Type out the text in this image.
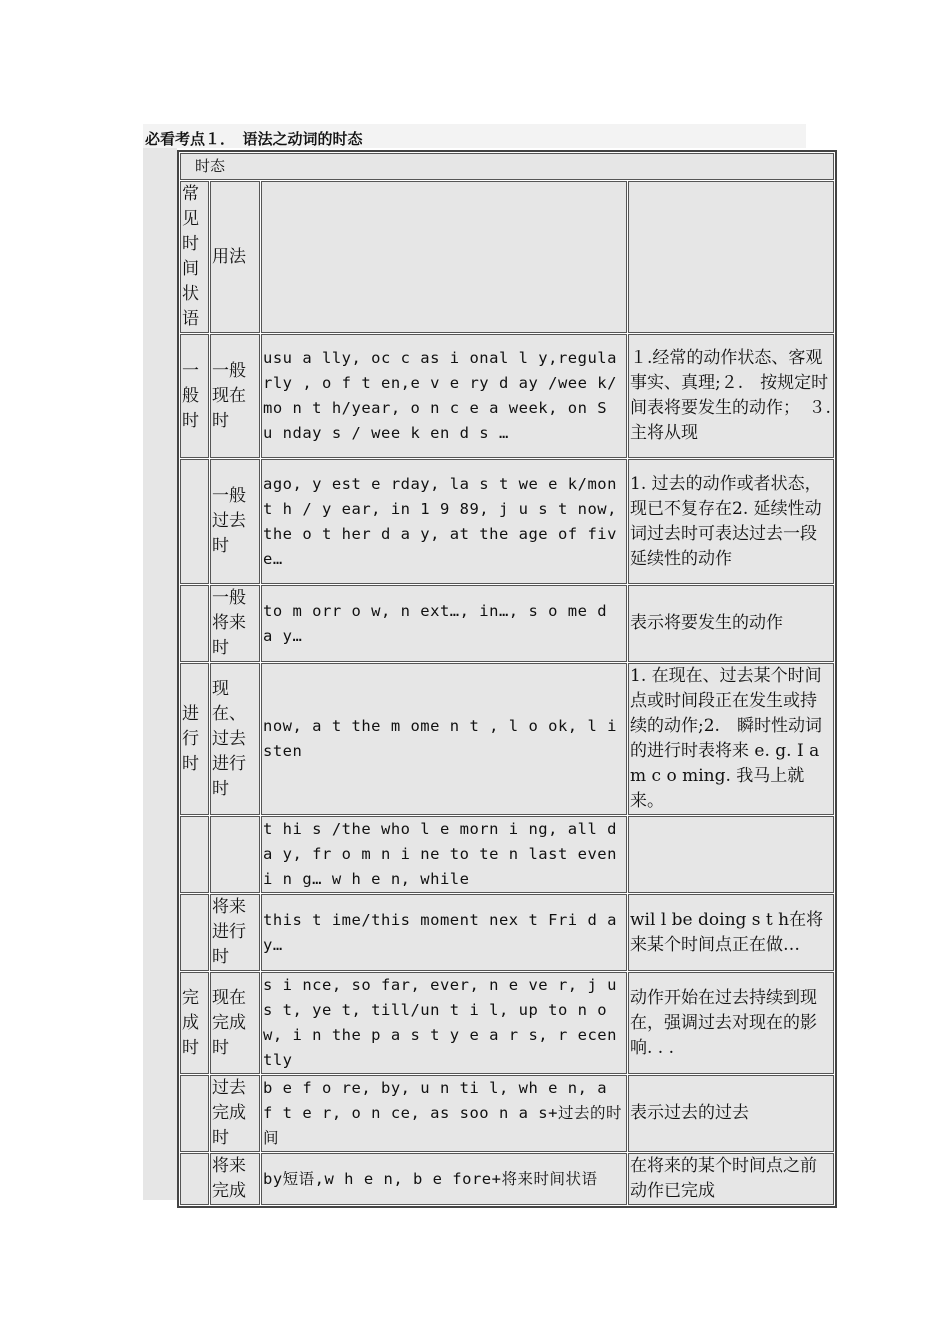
必看考点１．　语法之动词的时态
时态			
常见时间状语	用法		
一般时	一般现在时	usu a lly, oc c as i onal l y,regularly , o f t en,e v e ry d ay /wee k/mo n t h/year, o n c e a week, on S u nday s / wee k en d s …	１.经常的动作状态、客观事实、真理;２.　按规定时间表将要发生的动作；　３.　主将从现
	一般过去时	ago, y est e rday, la s t we e k/mont h / y ear, in 1 9 89, j u s t now, the o t her d a y, at the age of fiv e…	1. 过去的动作或者状态，现已不复存在2. 延续性动词过去时可表达过去一段延续性的动作
	一般将来时	to m orr o w, n ext…, in…, s o me d a y…	表示将要发生的动作
进行时	现在、过去进行时	now, a t the m ome n t , l o ok, l isten	1. 在现在、过去某个时间点或时间段正在发生或持续的动作;2.　瞬时性动词的进行时表将来 e. g. I a m c o ming. 我马上就来。
		t hi s /the who l e morn i ng, all d a y, fr o m n i ne to te n last eveni n g… w h e n, while	
	将来进行时	this t ime/this moment nex t Fri d a y…	wil l be doing s t h在将来某个时间点正在做…
完成时	现在完成时	s i nce, so far, ever, n e ve r, j u s t, ye t, till/un t i l, up to n ow, i n the p a s t y e a r s, r ecently	动作开始在过去持续到现在，强调过去对现在的影响. . .
	过去完成时	b e f o re, by, u n ti l, wh e n, a f t e r, o n ce, as soo n a s+过去的时间	表示过去的过去
	将来完成	by短语,w h e n, b e fore+将来时间状语	在将来的某个时间点之前动作已完成
